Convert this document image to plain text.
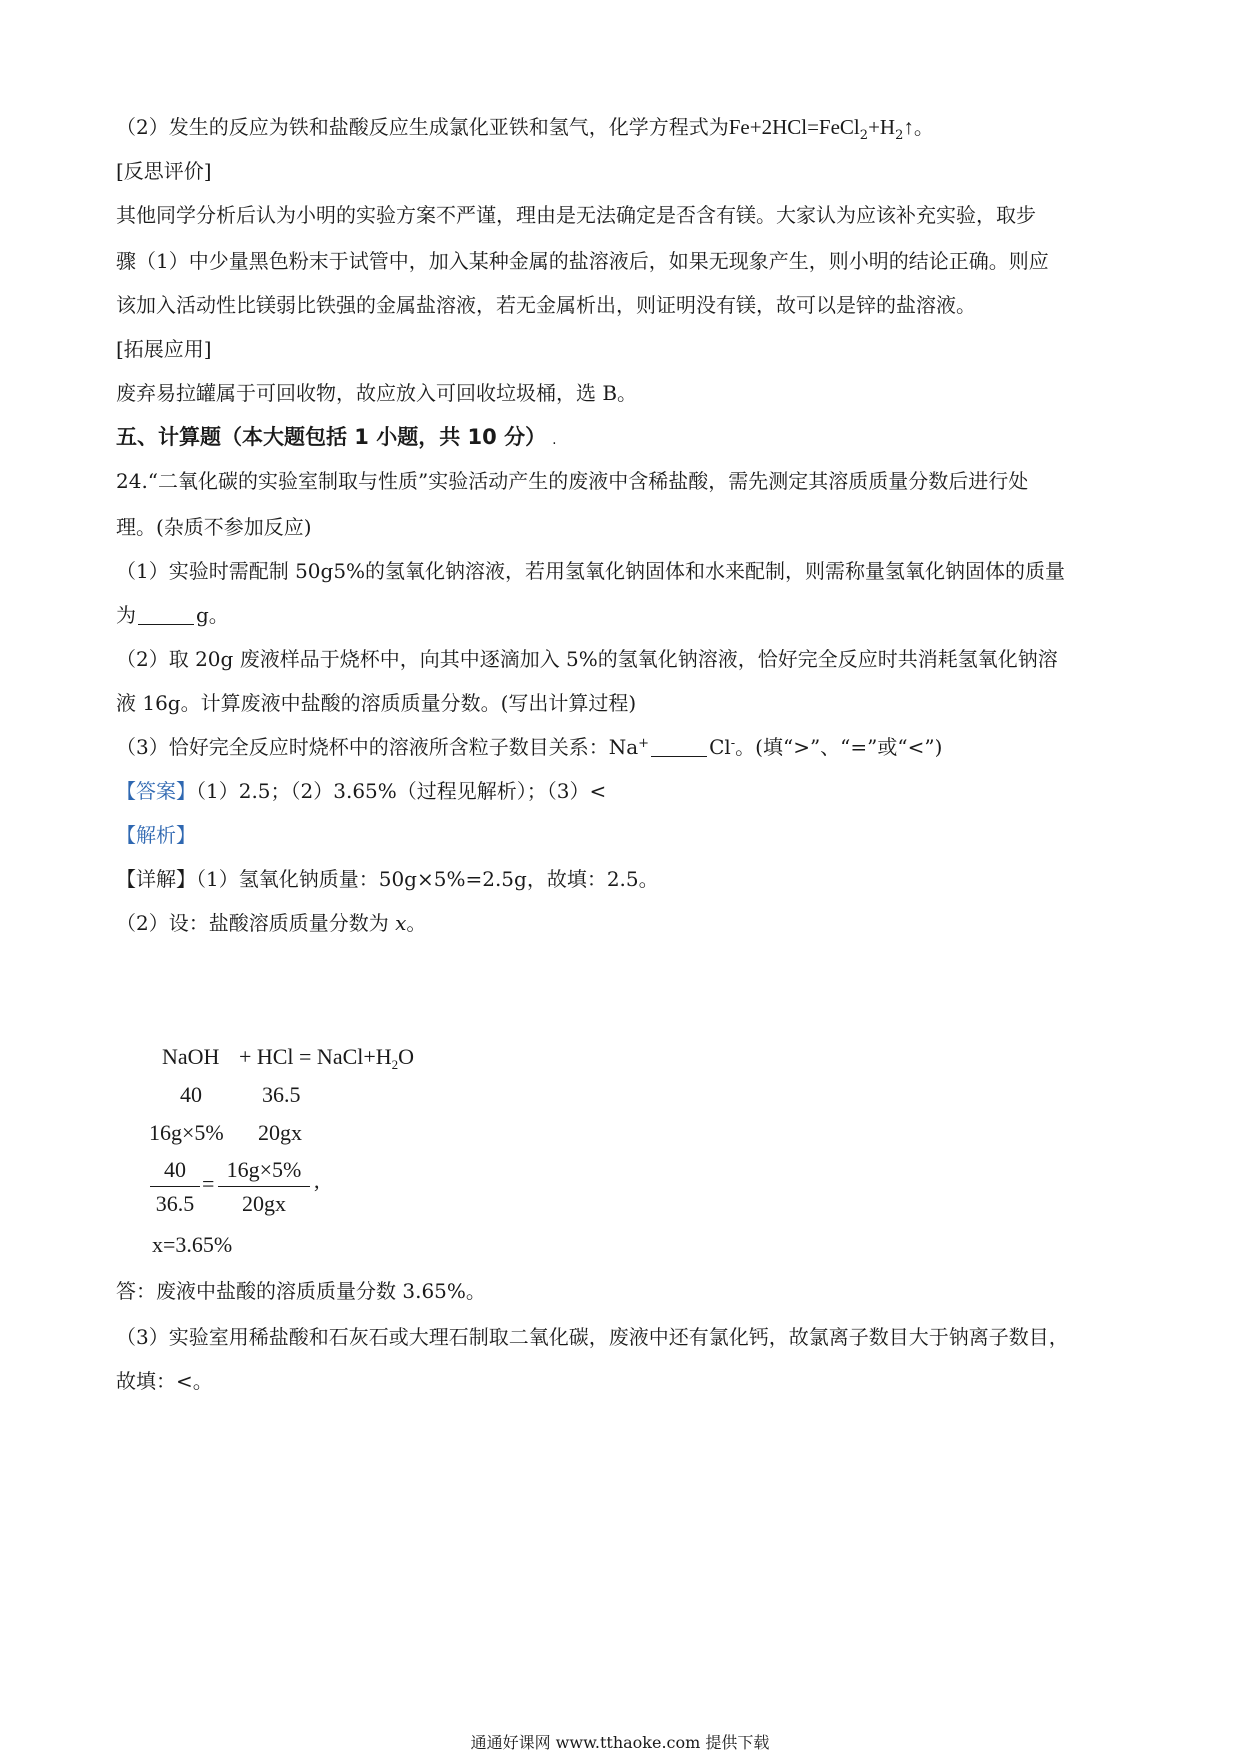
（2）发生的反应为铁和盐酸反应生成氯化亚铁和氢气，化学方程式为$Fe+2HCl=FeCl_2+H_2↑$。

[反思评价]

其他同学分析后认为小明的实验方案不严谨，理由是无法确定是否含有镁。大家认为应该补充实验，取步

骤（1）中少量黑色粉末于试管中，加入某种金属的盐溶液后，如果无现象产生，则小明的结论正确。则应

该加入活动性比镁弱比铁强的金属盐溶液，若无金属析出，则证明没有镁，故可以是锌的盐溶液。

[拓展应用]

废弃易拉罐属于可回收物，故应放入可回收垃圾桶，选 B。

五、计算题（本大题包括 1 小题，共 10 分） .

24.“二氧化碳的实验室制取与性质”实验活动产生的废液中含稀盐酸，需先测定其溶质质量分数后进行处

理。(杂质不参加反应)

（1）实验时需配制 50g5%的氢氧化钠溶液，若用氢氧化钠固体和水来配制，则需称量氢氧化钠固体的质量

为	g。

（2）取 20g 废液样品于烧杯中，向其中逐滴加入 5%的氢氧化钠溶液，恰好完全反应时共消耗氢氧化钠溶

液 16g。计算废液中盐酸的溶质质量分数。(写出计算过程)

（3）恰好完全反应时烧杯中的溶液所含粒子数目关系：Na+	Cl-。(填“>”、“=”或“<”)

【答案】（1）2.5；（2）3.65%（过程见解析）；（3）<

【解析】

【详解】（1）氢氧化钠质量：50g×5%=2.5g，故填：2.5。

（2）设：盐酸溶质质量分数为 x。

NaOH + HCl = $NaCl+H_2O$
40	36.5
16g×5% 20gx
$\frac{40}{36.5} = \frac{16g\times 5\%}{20gx}$ ,
x=3.65%

答：废液中盐酸的溶质质量分数 3.65%。

（3）实验室用稀盐酸和石灰石或大理石制取二氧化碳，废液中还有氯化钙，故氯离子数目大于钠离子数目，

故填：<。

通通好课网 www.tthaoke.com 提供下载
